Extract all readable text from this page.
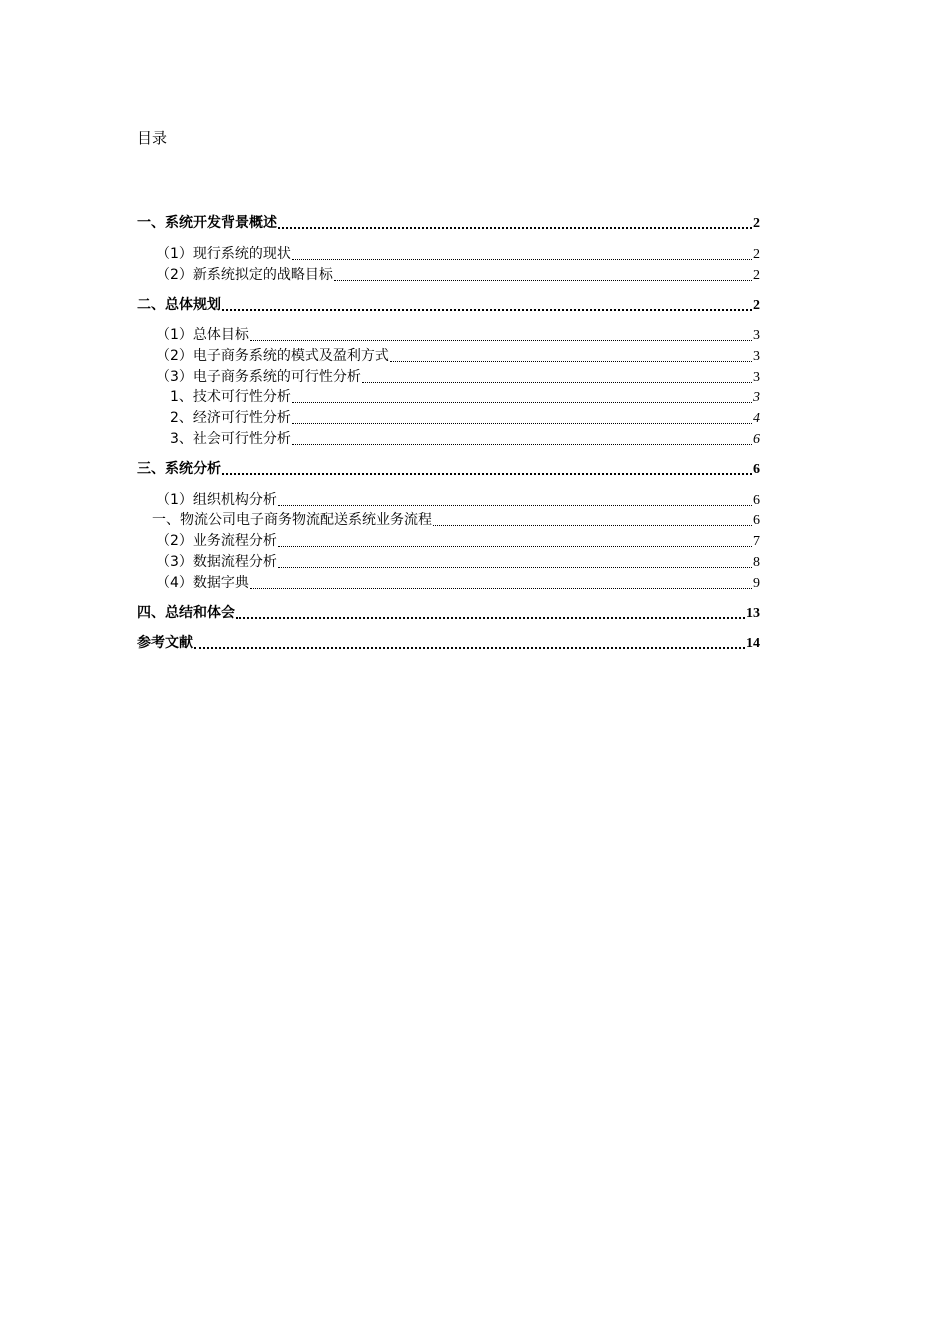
目录
一、系统开发背景概述	2
（1）现行系统的现状	2
（2）新系统拟定的战略目标	2
二、总体规划	2
（1）总体目标	3
（2）电子商务系统的模式及盈利方式	3
（3）电子商务系统的可行性分析	3
1、技术可行性分析	3
2、经济可行性分析	4
3、社会可行性分析	6
三、系统分析	6
（1）组织机构分析	6
一、物流公司电子商务物流配送系统业务流程	6
（2）业务流程分析	7
（3）数据流程分析	8
（4）数据字典	9
四、总结和体会	13
参考文献	14
